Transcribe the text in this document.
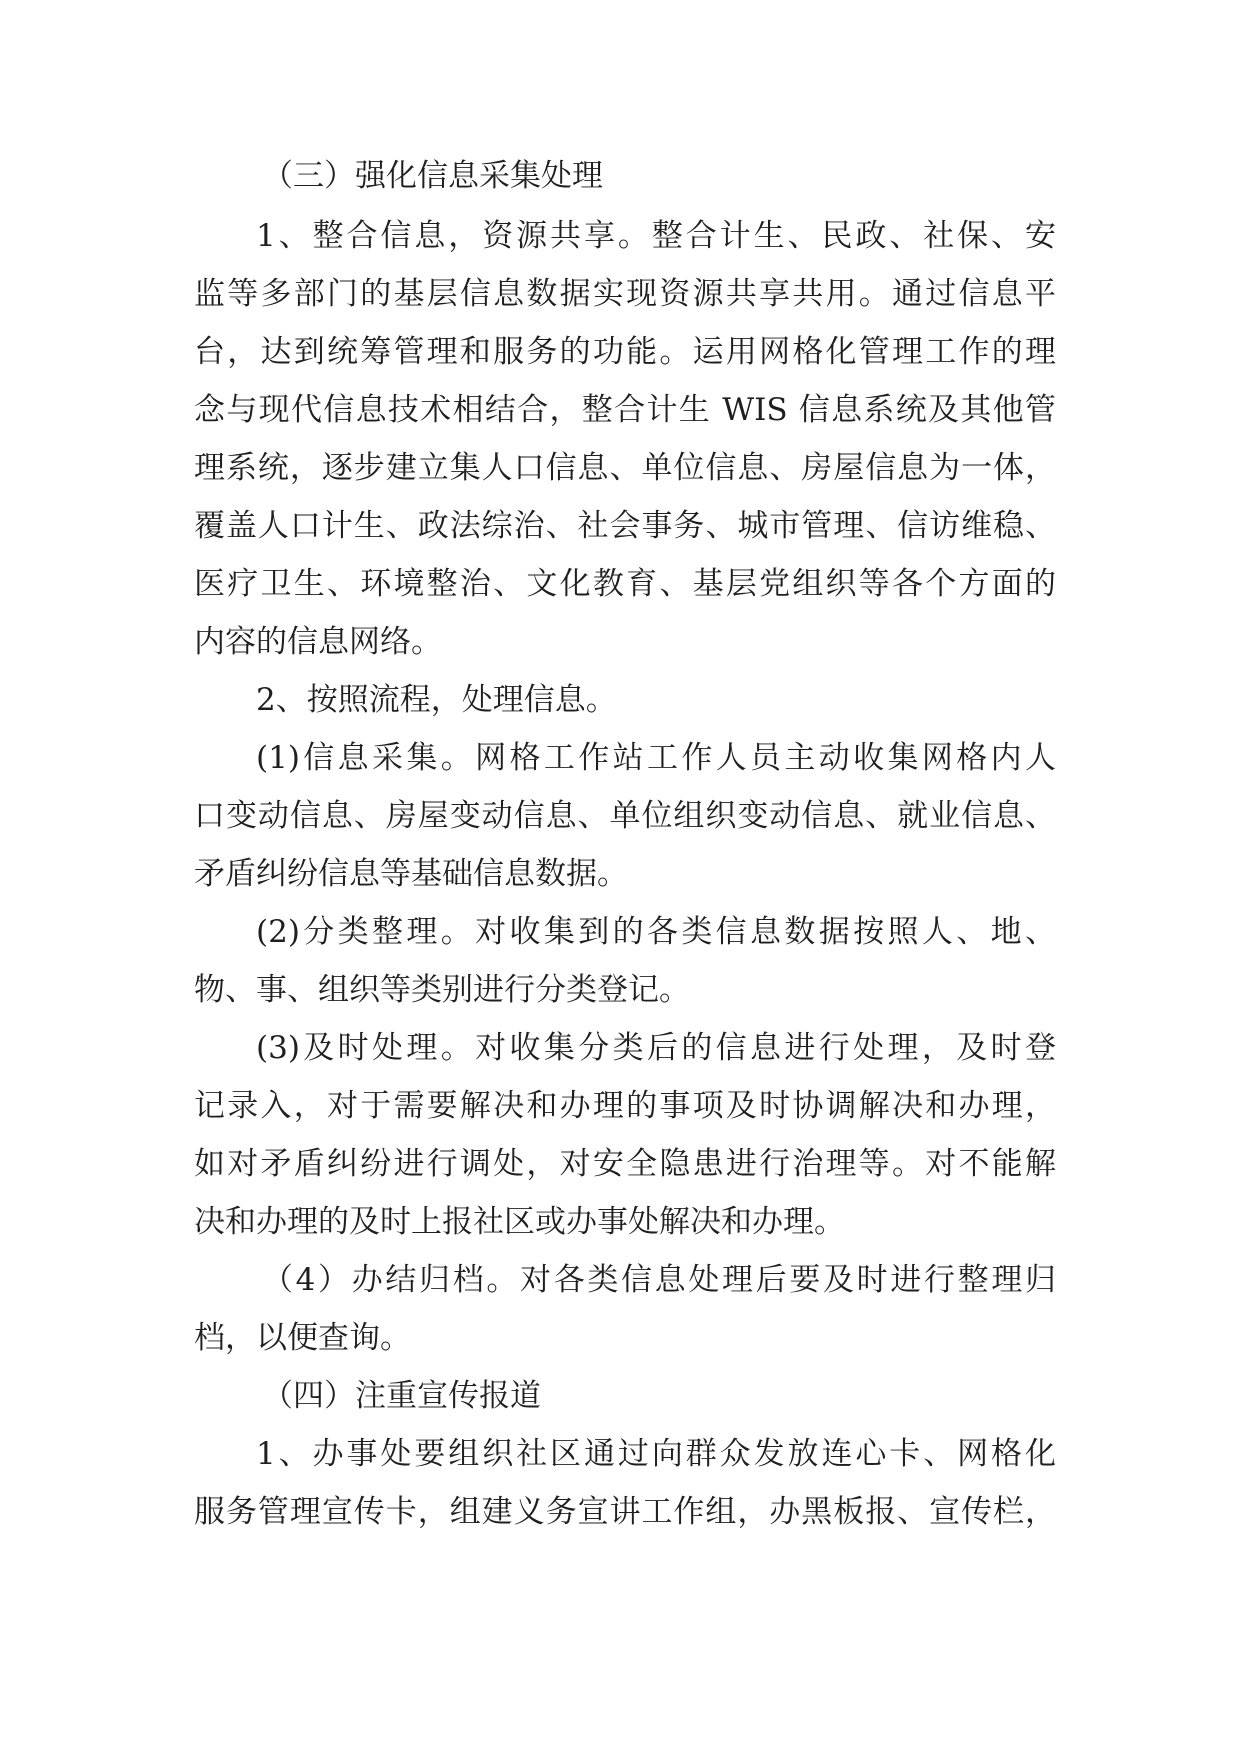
（三）强化信息采集处理
1、整合信息，资源共享。整合计生、民政、社保、安
监等多部门的基层信息数据实现资源共享共用。通过信息平
台，达到统筹管理和服务的功能。运用网格化管理工作的理
念与现代信息技术相结合，整合计生 WIS 信息系统及其他管
理系统，逐步建立集人口信息、单位信息、房屋信息为一体，
覆盖人口计生、政法综治、社会事务、城市管理、信访维稳、
医疗卫生、环境整治、文化教育、基层党组织等各个方面的
内容的信息网络。
2、按照流程，处理信息。
(1)信息采集。网格工作站工作人员主动收集网格内人
口变动信息、房屋变动信息、单位组织变动信息、就业信息、
矛盾纠纷信息等基础信息数据。
(2)分类整理。对收集到的各类信息数据按照人、地、
物、事、组织等类别进行分类登记。
(3)及时处理。对收集分类后的信息进行处理，及时登
记录入，对于需要解决和办理的事项及时协调解决和办理，
如对矛盾纠纷进行调处，对安全隐患进行治理等。对不能解
决和办理的及时上报社区或办事处解决和办理。
（4）办结归档。对各类信息处理后要及时进行整理归
档，以便查询。
（四）注重宣传报道
1、办事处要组织社区通过向群众发放连心卡、网格化
服务管理宣传卡，组建义务宣讲工作组，办黑板报、宣传栏，
